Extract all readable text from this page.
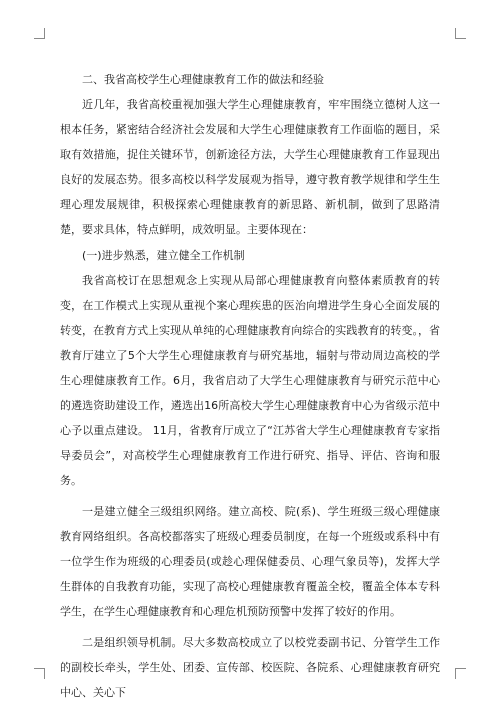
二、我省高校学生心理健康教育工作的做法和经验

近几年，我省高校重视加强大学生心理健康教育，牢牢围绕立德树人这一根本任务，紧密结合经济社会发展和大学生心理健康教育工作面临的题目，采取有效措施，捉住关键环节，创新途径方法，大学生心理健康教育工作显现出良好的发展态势。很多高校以科学发展观为指导，遵守教育教学规律和学生生理心理发展规律，积极探索心理健康教育的新思路、新机制，做到了思路清楚，要求具体，特点鲜明，成效明显。主要体现在：

(一)进步熟悉，建立健全工作机制

我省高校订在思想观念上实现从局部心理健康教育向整体素质教育的转变，在工作模式上实现从重视个案心理疾患的医治向增进学生身心全面发展的转变，在教育方式上实现从单纯的心理健康教育向综合的实践教育的转变。，省教育厅建立了5个大学生心理健康教育与研究基地，辐射与带动周边高校的学生心理健康教育工作。6月，我省启动了大学生心理健康教育与研究示范中心的遴选资助建设工作，遴选出16所高校大学生心理健康教育中心为省级示范中心予以重点建设。 11月，省教育厅成立了“江苏省大学生心理健康教育专家指导委员会”，对高校学生心理健康教育工作进行研究、指导、评估、咨询和服务。

一是建立健全三级组织网络。建立高校、院(系)、学生班级三级心理健康教育网络组织。各高校都落实了班级心理委员制度，在每一个班级或系科中有一位学生作为班级的心理委员(或趁心理保健委员、心理气象员等)，发挥大学生群体的自我教育功能，实现了高校心理健康教育覆盖全校，覆盖全体本专科学生，在学生心理健康教育和心理危机预防预警中发挥了较好的作用。

二是组织领导机制。尽大多数高校成立了以校党委副书记、分管学生工作的副校长牵头，学生处、团委、宣传部、校医院、各院系、心理健康教育研究中心、关心下
